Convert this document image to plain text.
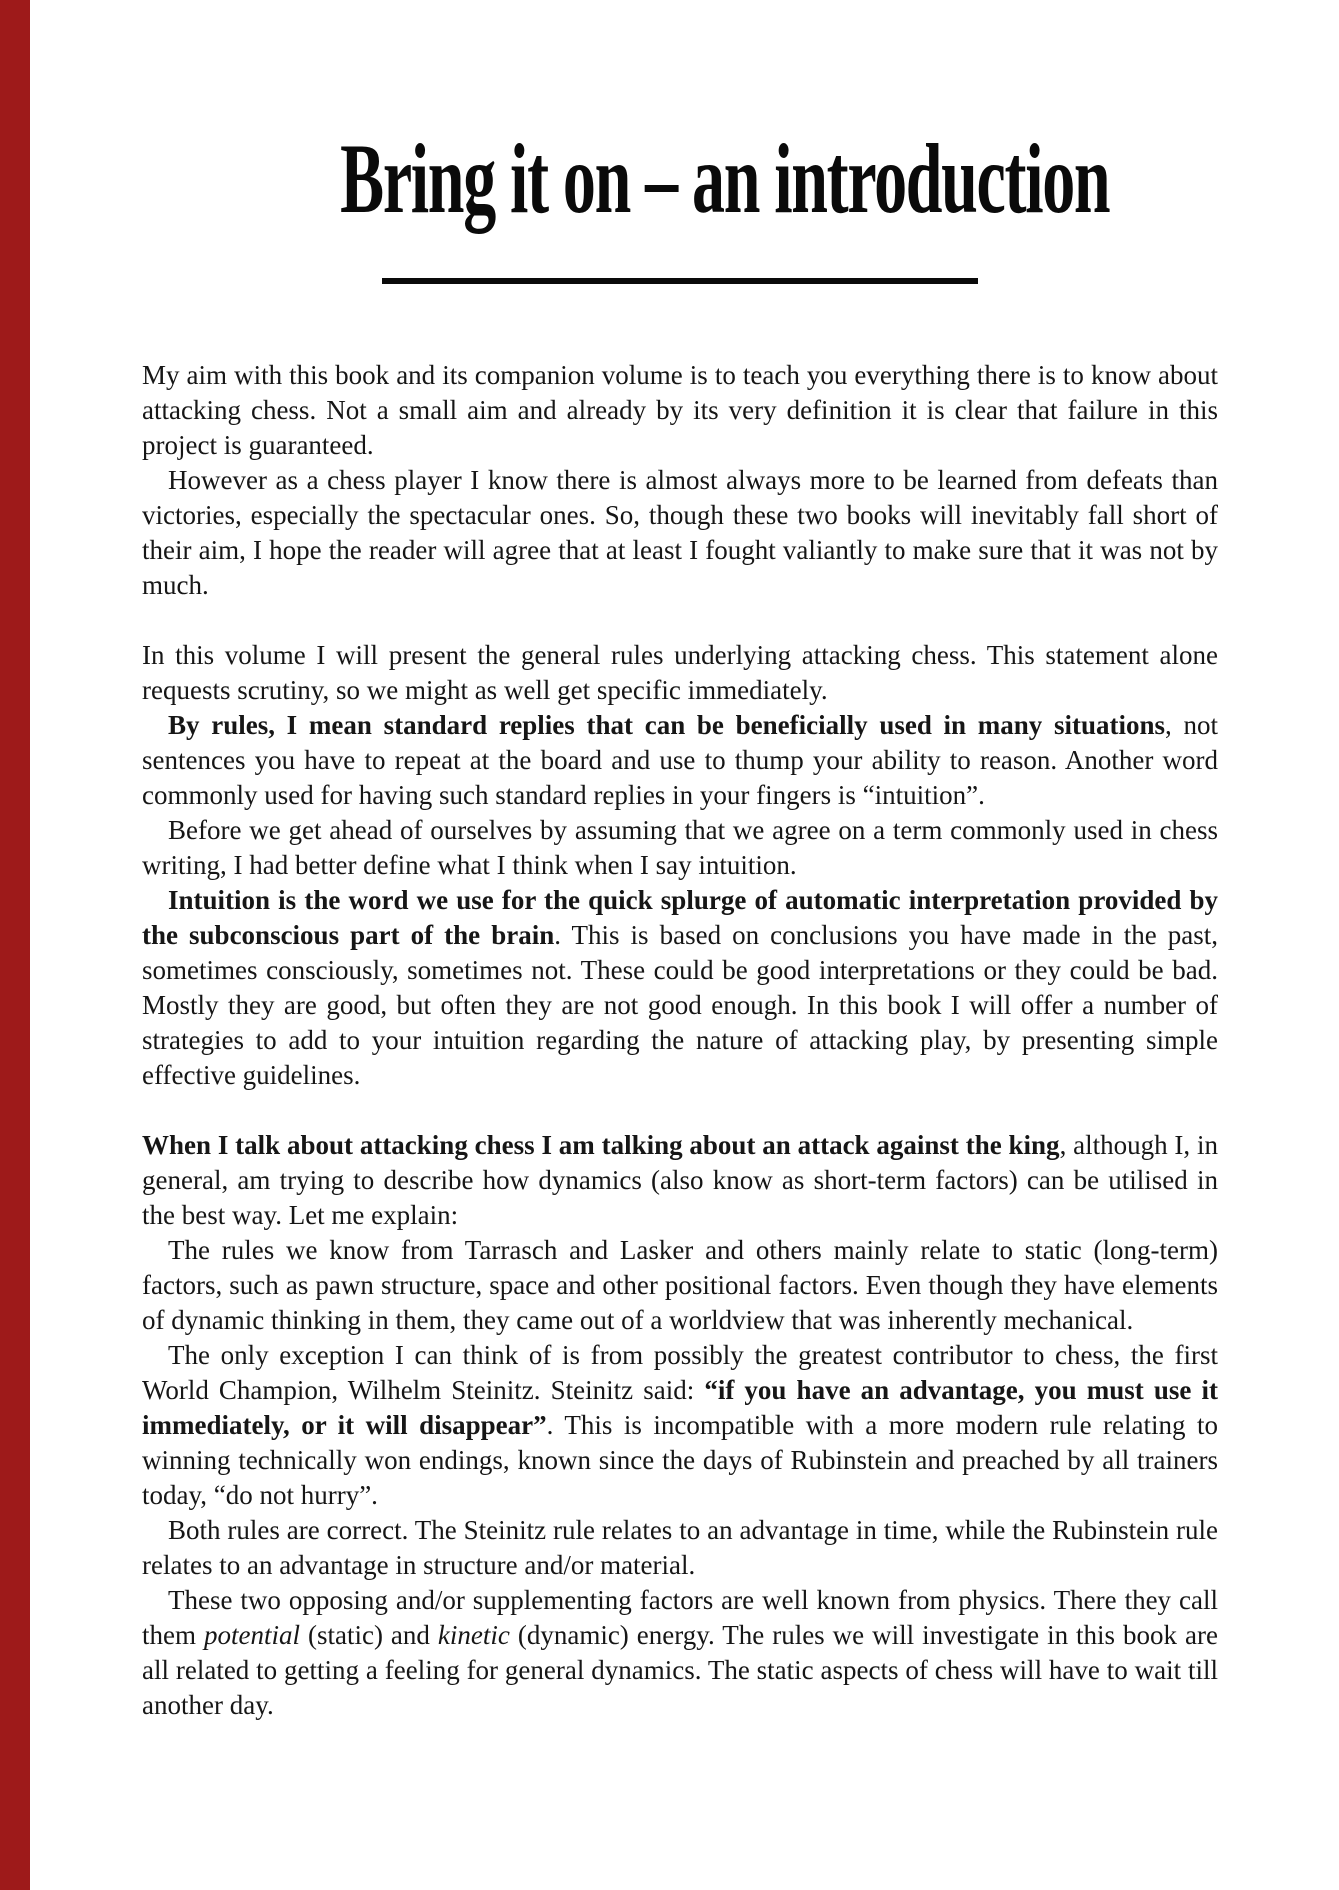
Bring it on – an introduction

My aim with this book and its companion volume is to teach you everything there is to know about attacking chess. Not a small aim and already by its very definition it is clear that failure in this project is guaranteed.

However as a chess player I know there is almost always more to be learned from defeats than victories, especially the spectacular ones. So, though these two books will inevitably fall short of their aim, I hope the reader will agree that at least I fought valiantly to make sure that it was not by much.

In this volume I will present the general rules underlying attacking chess. This statement alone requests scrutiny, so we might as well get specific immediately.

By rules, I mean standard replies that can be beneficially used in many situations, not sentences you have to repeat at the board and use to thump your ability to reason. Another word commonly used for having such standard replies in your fingers is “intuition”.

Before we get ahead of ourselves by assuming that we agree on a term commonly used in chess writing, I had better define what I think when I say intuition.

Intuition is the word we use for the quick splurge of automatic interpretation provided by the subconscious part of the brain. This is based on conclusions you have made in the past, sometimes consciously, sometimes not. These could be good interpretations or they could be bad. Mostly they are good, but often they are not good enough. In this book I will offer a number of strategies to add to your intuition regarding the nature of attacking play, by presenting simple effective guidelines.

When I talk about attacking chess I am talking about an attack against the king, although I, in general, am trying to describe how dynamics (also know as short-term factors) can be utilised in the best way. Let me explain:

The rules we know from Tarrasch and Lasker and others mainly relate to static (long-term) factors, such as pawn structure, space and other positional factors. Even though they have elements of dynamic thinking in them, they came out of a worldview that was inherently mechanical.

The only exception I can think of is from possibly the greatest contributor to chess, the first World Champion, Wilhelm Steinitz. Steinitz said: “if you have an advantage, you must use it immediately, or it will disappear”. This is incompatible with a more modern rule relating to winning technically won endings, known since the days of Rubinstein and preached by all trainers today, “do not hurry”.

Both rules are correct. The Steinitz rule relates to an advantage in time, while the Rubinstein rule relates to an advantage in structure and/or material.

These two opposing and/or supplementing factors are well known from physics. There they call them potential (static) and kinetic (dynamic) energy. The rules we will investigate in this book are all related to getting a feeling for general dynamics. The static aspects of chess will have to wait till another day.
